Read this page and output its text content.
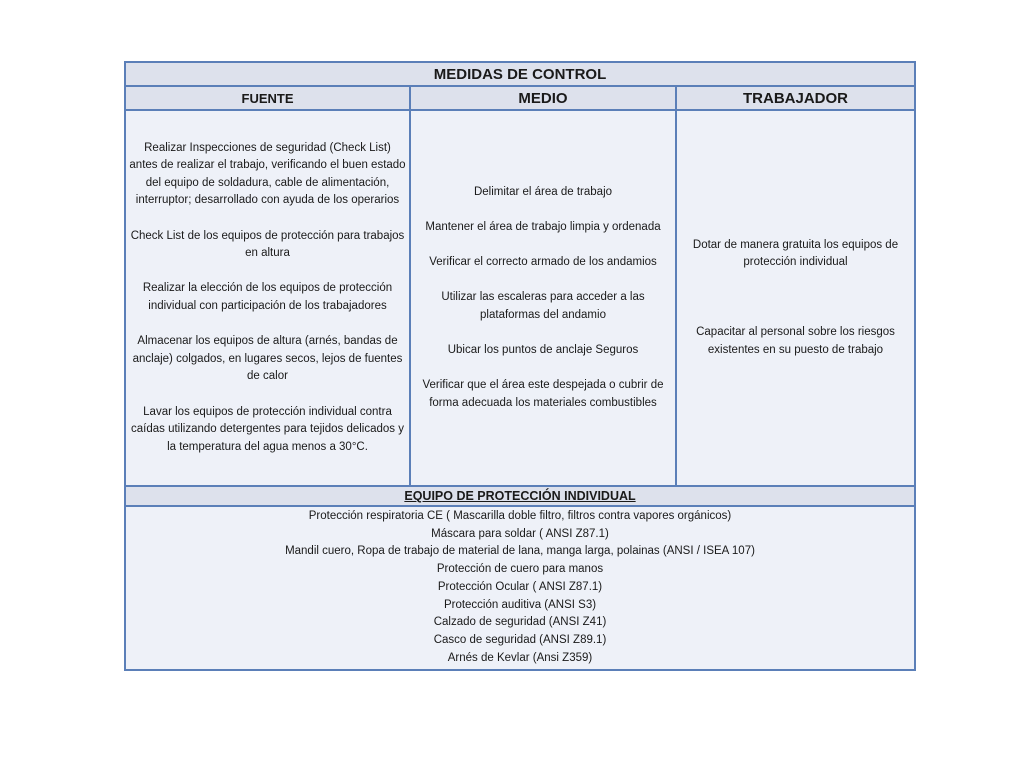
MEDIDAS DE CONTROL
FUENTE	MEDIO	TRABAJADOR

Realizar Inspecciones de seguridad (Check List) antes de realizar el trabajo, verificando el buen estado del equipo de soldadura, cable de alimentación, interruptor; desarrollado con ayuda de los operarios

Check List de los equipos de protección para trabajos en altura

Realizar la elección de los equipos de protección individual con participación de los trabajadores

Almacenar los equipos de altura (arnés, bandas de anclaje) colgados, en lugares secos, lejos de fuentes de calor

Lavar los equipos de protección individual contra caídas utilizando detergentes para tejidos delicados y la temperatura del agua menos a 30°C.

Delimitar el área de trabajo

Mantener el área de trabajo limpia y ordenada

Verificar el correcto armado de los andamios

Utilizar las escaleras para acceder a las plataformas del andamio

Ubicar los puntos de anclaje Seguros

Verificar que el área este despejada o cubrir de forma adecuada los materiales combustibles

Dotar de manera gratuita los equipos de protección individual

Capacitar al personal sobre los riesgos existentes en su puesto de trabajo

EQUIPO DE PROTECCIÓN INDIVIDUAL
Protección respiratoria CE ( Mascarilla doble filtro, filtros contra vapores orgánicos)
Máscara para soldar ( ANSI Z87.1)
Mandil cuero, Ropa de trabajo de material de lana, manga larga, polainas (ANSI / ISEA 107)
Protección de cuero para manos
Protección Ocular ( ANSI Z87.1)
Protección auditiva (ANSI S3)
Calzado de seguridad (ANSI Z41)
Casco de seguridad (ANSI Z89.1)
Arnés de Kevlar (Ansi Z359)
